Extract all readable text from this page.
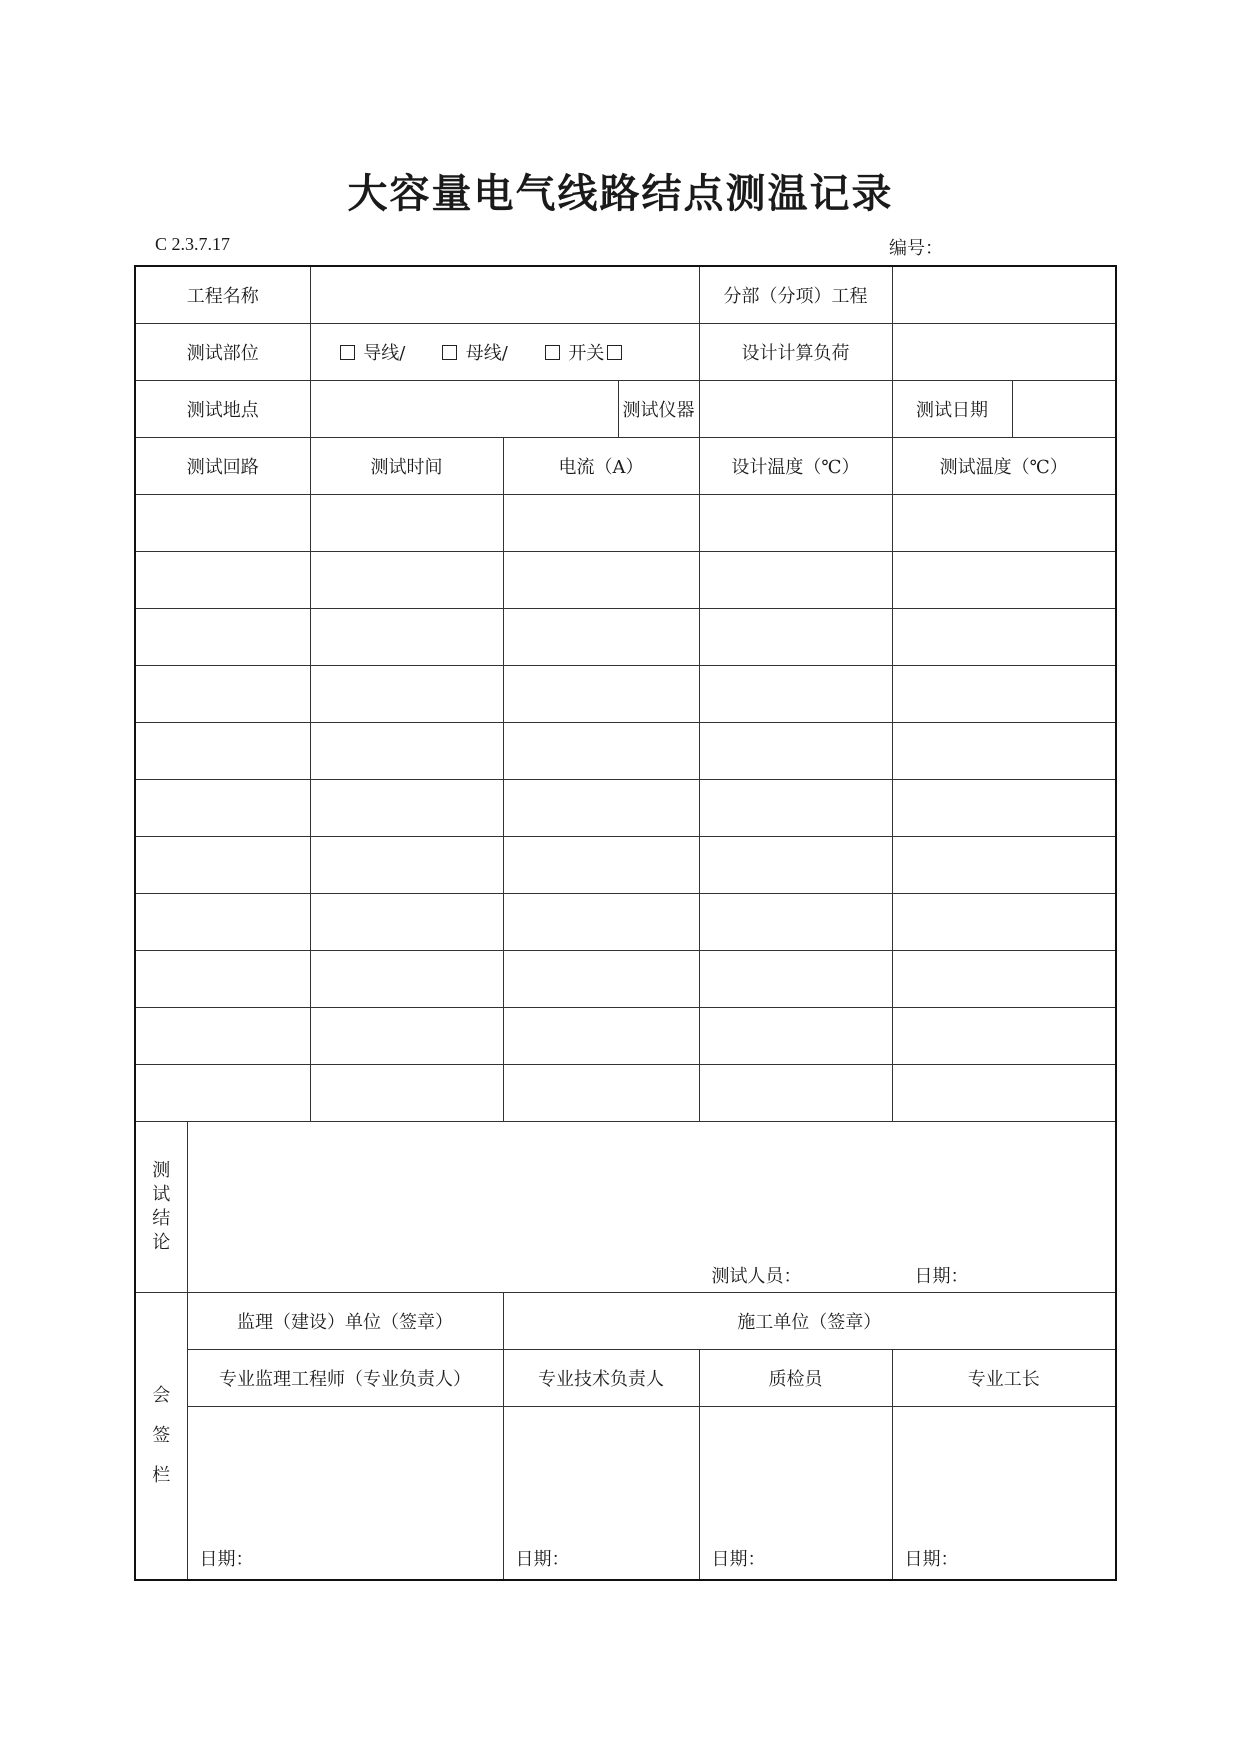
大容量电气线路结点测温记录
C 2.3.7.17	编号：
工程名称					分部（分项）工程		
测试部位		导线/ 母线/ 开关			设计计算负荷		
测试地点				测试仪器		测试日期	
测试回路		测试时间	电流（A）		设计温度（℃）	测试温度（℃）	

测
试
结
论	测试人员： 日期：						

会
签
栏	监理（建设）单位（签章）		施工单位（签章）				
	专业监理工程师（专业负责人）		专业技术负责人		质检员	专业工长	

	日期：		日期：		日期：	日期：	
